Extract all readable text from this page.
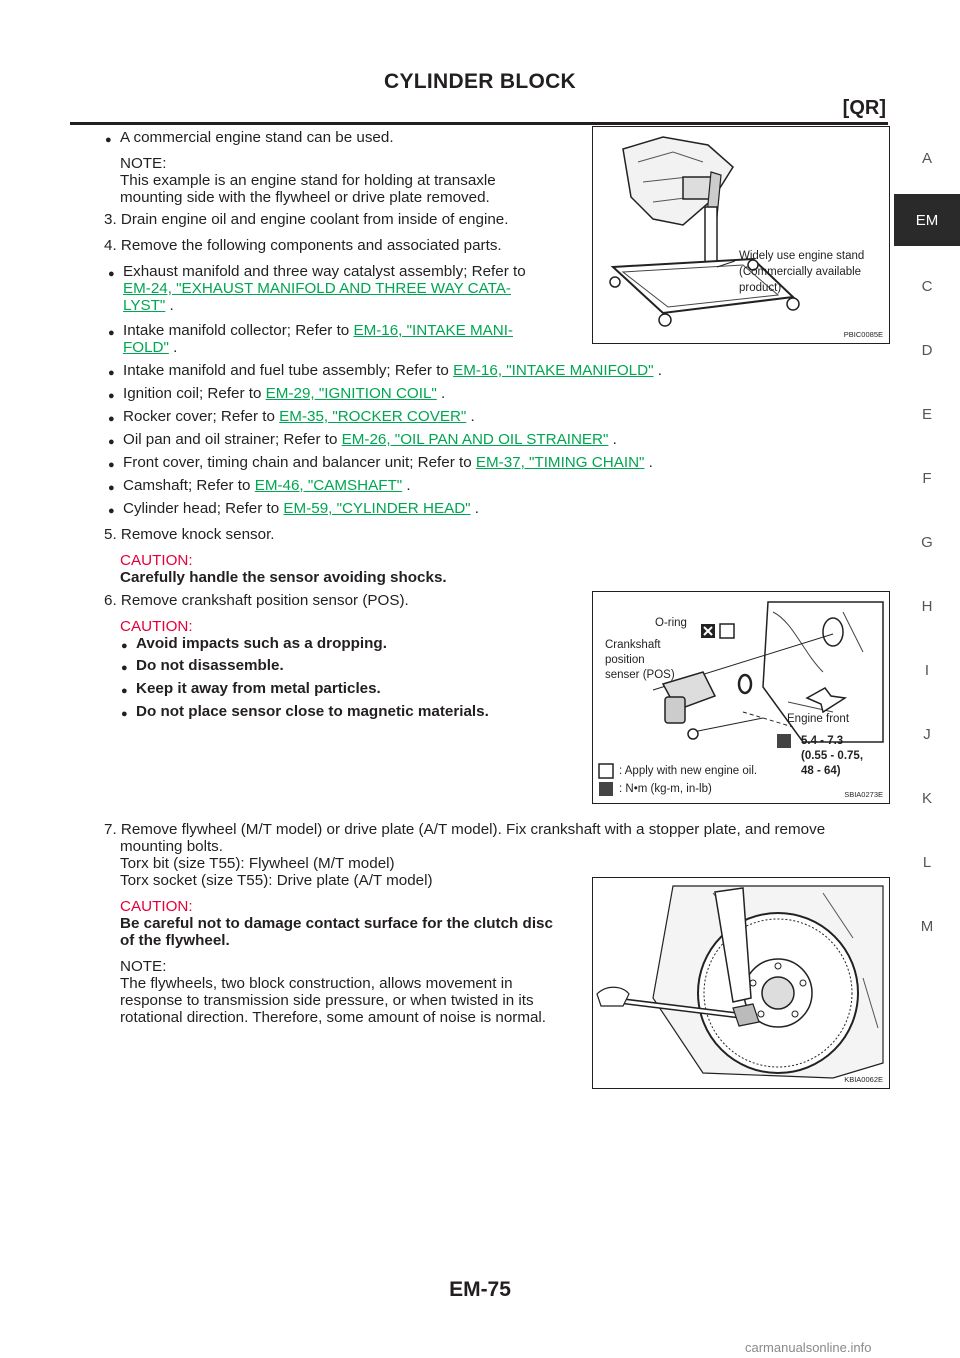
CYLINDER BLOCK
[QR]
A
EM
C
D
E
F
G
H
I
J
K
L
M
● A commercial engine stand can be used.
NOTE:
This example is an engine stand for holding at transaxle
mounting side with the flywheel or drive plate removed.
3. Drain engine oil and engine coolant from inside of engine.
4. Remove the following components and associated parts.
● Exhaust manifold and three way catalyst assembly; Refer to
EM-24, "EXHAUST MANIFOLD AND THREE WAY CATA-
LYST" .
● Intake manifold collector; Refer to EM-16, "INTAKE MANI-
FOLD" .
● Intake manifold and fuel tube assembly; Refer to EM-16, "INTAKE MANIFOLD" .
● Ignition coil; Refer to EM-29, "IGNITION COIL" .
● Rocker cover; Refer to EM-35, "ROCKER COVER" .
● Oil pan and oil strainer; Refer to EM-26, "OIL PAN AND OIL STRAINER" .
● Front cover, timing chain and balancer unit; Refer to EM-37, "TIMING CHAIN" .
● Camshaft; Refer to EM-46, "CAMSHAFT" .
● Cylinder head; Refer to EM-59, "CYLINDER HEAD" .
5. Remove knock sensor.
CAUTION:
Carefully handle the sensor avoiding shocks.
6. Remove crankshaft position sensor (POS).
CAUTION:
● Avoid impacts such as a dropping.
● Do not disassemble.
● Keep it away from metal particles.
● Do not place sensor close to magnetic materials.
7. Remove flywheel (M/T model) or drive plate (A/T model). Fix crankshaft with a stopper plate, and remove
mounting bolts.
Torx bit (size T55): Flywheel (M/T model)
Torx socket (size T55): Drive plate (A/T model)
CAUTION:
Be careful not to damage contact surface for the clutch disc
of the flywheel.
NOTE:
The flywheels, two block construction, allows movement in
response to transmission side pressure, or when twisted in its
rotational direction. Therefore, some amount of noise is normal.
Widely use engine stand
(Commercially available
product)
PBIC0085E
O-ring
Crankshaft
position
senser (POS)
Engine front
5.4 - 7.3
(0.55 - 0.75,
48 - 64)
: Apply with new engine oil.
: N•m (kg-m, in-lb)	SBIA0273E
KBIA0062E
EM-75
carmanualsonline.info
